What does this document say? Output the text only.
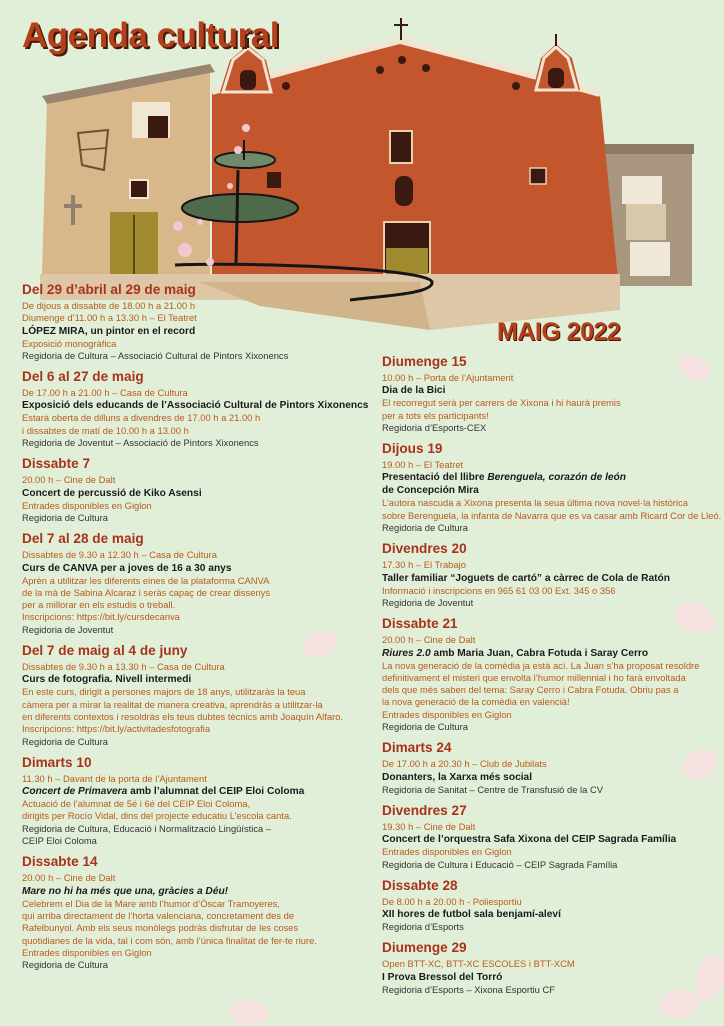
Agenda cultural
MAIG 2022
Del 29 d’abril al 29 de maig
De dijous a dissabte de 18.00 h a 21.00 h
Diumenge d’11.00 h a 13.30 h – El Teatret
LÓPEZ MIRA, un pintor en el record
Exposició monogràfica
Regidoria de Cultura – Associació Cultural de Pintors Xixonencs
Del 6 al 27 de maig
De 17.00 h a 21.00 h – Casa de Cultura
Exposició dels educands de l’Associació Cultural de Pintors Xixonencs
Estarà oberta de dilluns a divendres de 17.00 h a 21.00 h
i dissabtes de matí de 10.00 h a 13.00 h
Regidoria de Joventut – Associació de Pintors Xixonencs
Dissabte 7
20.00 h – Cine de Dalt
Concert de percussió de Kiko Asensi
Entrades disponibles en Giglon
Regidoria de Cultura
Del 7 al 28 de maig
Dissabtes de 9.30 a 12.30 h – Casa de Cultura
Curs de CANVA per a joves de 16 a 30 anys
Aprèn a utilitzar les diferents eines de la plataforma CANVA
de la mà de Sabina Alcaraz i seràs capaç de crear dissenys
per a millorar en els estudis o treball.
Inscripcions: https://bit.ly/cursdecanva
Regidoria de Joventut
Del 7 de maig al 4 de juny
Dissabtes de 9.30 h a 13.30 h – Casa de Cultura
Curs de fotografia. Nivell intermedi
En este curs, dirigit a persones majors de 18 anys, utilitzaràs la teua
càmera per a mirar la realitat de manera creativa, aprendràs a utilitzar-la
en diferents contextos i resoldràs els teus dubtes tècnics amb Joaquín Alfaro.
Inscripcions: https://bit.ly/activitadesfotografia
Regidoria de Cultura
Dimarts 10
11.30 h – Davant de la porta de l’Ajuntament
Concert de Primavera amb l’alumnat del CEIP Eloi Coloma
Actuació de l’alumnat de 5é i 6é del CEIP Eloi Coloma,
dirigits per Rocío Vidal, dins del projecte educatiu L’escola canta.
Regidoria de Cultura, Educació i Normalització Lingüística –
CEIP Eloi Coloma
Dissabte 14
20.00 h – Cine de Dalt
Mare no hi ha més que una, gràcies a Déu!
Celebrem el Dia de la Mare amb l’humor d’Òscar Tramoyeres,
qui arriba directament de l’horta valenciana, concretament des de
Rafelbunyol. Amb els seus monòlegs podràs disfrutar de les coses
quotidianes de la vida, tal i com són, amb l’única finalitat de fer-te riure.
Entrades disponibles en Giglon
Regidoria de Cultura
Diumenge 15
10.00 h – Porta de l’Ajuntament
Dia de la Bici
El recorregut serà per carrers de Xixona i hi haurà premis
per a tots els participants!
Regidoria d’Esports-CEX
Dijous 19
19.00 h – El Teatret
Presentació del llibre Berenguela, corazón de león
de Concepción Mira
L’autora nascuda a Xixona presenta la seua última nova novel·la històrica
sobre Berenguela, la infanta de Navarra que es va casar amb Ricard Cor de Lleó.
Regidoria de Cultura
Divendres 20
17.30 h – El Trabajo
Taller familiar “Joguets de cartó” a càrrec de Cola de Ratón
Informació i inscripcions en 965 61 03 00 Ext. 345 o 356
Regidoria de Joventut
Dissabte 21
20.00 h – Cine de Dalt
Riures 2.0 amb Maria Juan, Cabra Fotuda i Saray Cerro
La nova generació de la comèdia ja està ací. La Juan s’ha proposat resoldre
definitivament el misteri que envolta l’humor millennial i ho farà envoltada
dels que més saben del tema: Saray Cerro i Cabra Fotuda. Obriu pas a
la nova generació de la comèdia en valencià!
Entrades disponibles en Giglon
Regidoria de Cultura
Dimarts 24
De 17.00 h a 20.30 h – Club de Jubilats
Donanters, la Xarxa més social
Regidoria de Sanitat – Centre de Transfusió de la CV
Divendres 27
19.30 h – Cine de Dalt
Concert de l’orquestra Safa Xixona del CEIP Sagrada Família
Entrades disponibles en Giglon
Regidoria de Cultura i Educació – CEIP Sagrada Família
Dissabte 28
De 8.00 h a 20.00 h - Poliesportiu
XII hores de futbol sala benjamí-aleví
Regidoria d’Esports
Diumenge 29
Open BTT-XC, BTT-XC ESCOLES i BTT-XCM
I Prova Bressol del Torró
Regidoria d’Esports – Xixona Esportiu CF
